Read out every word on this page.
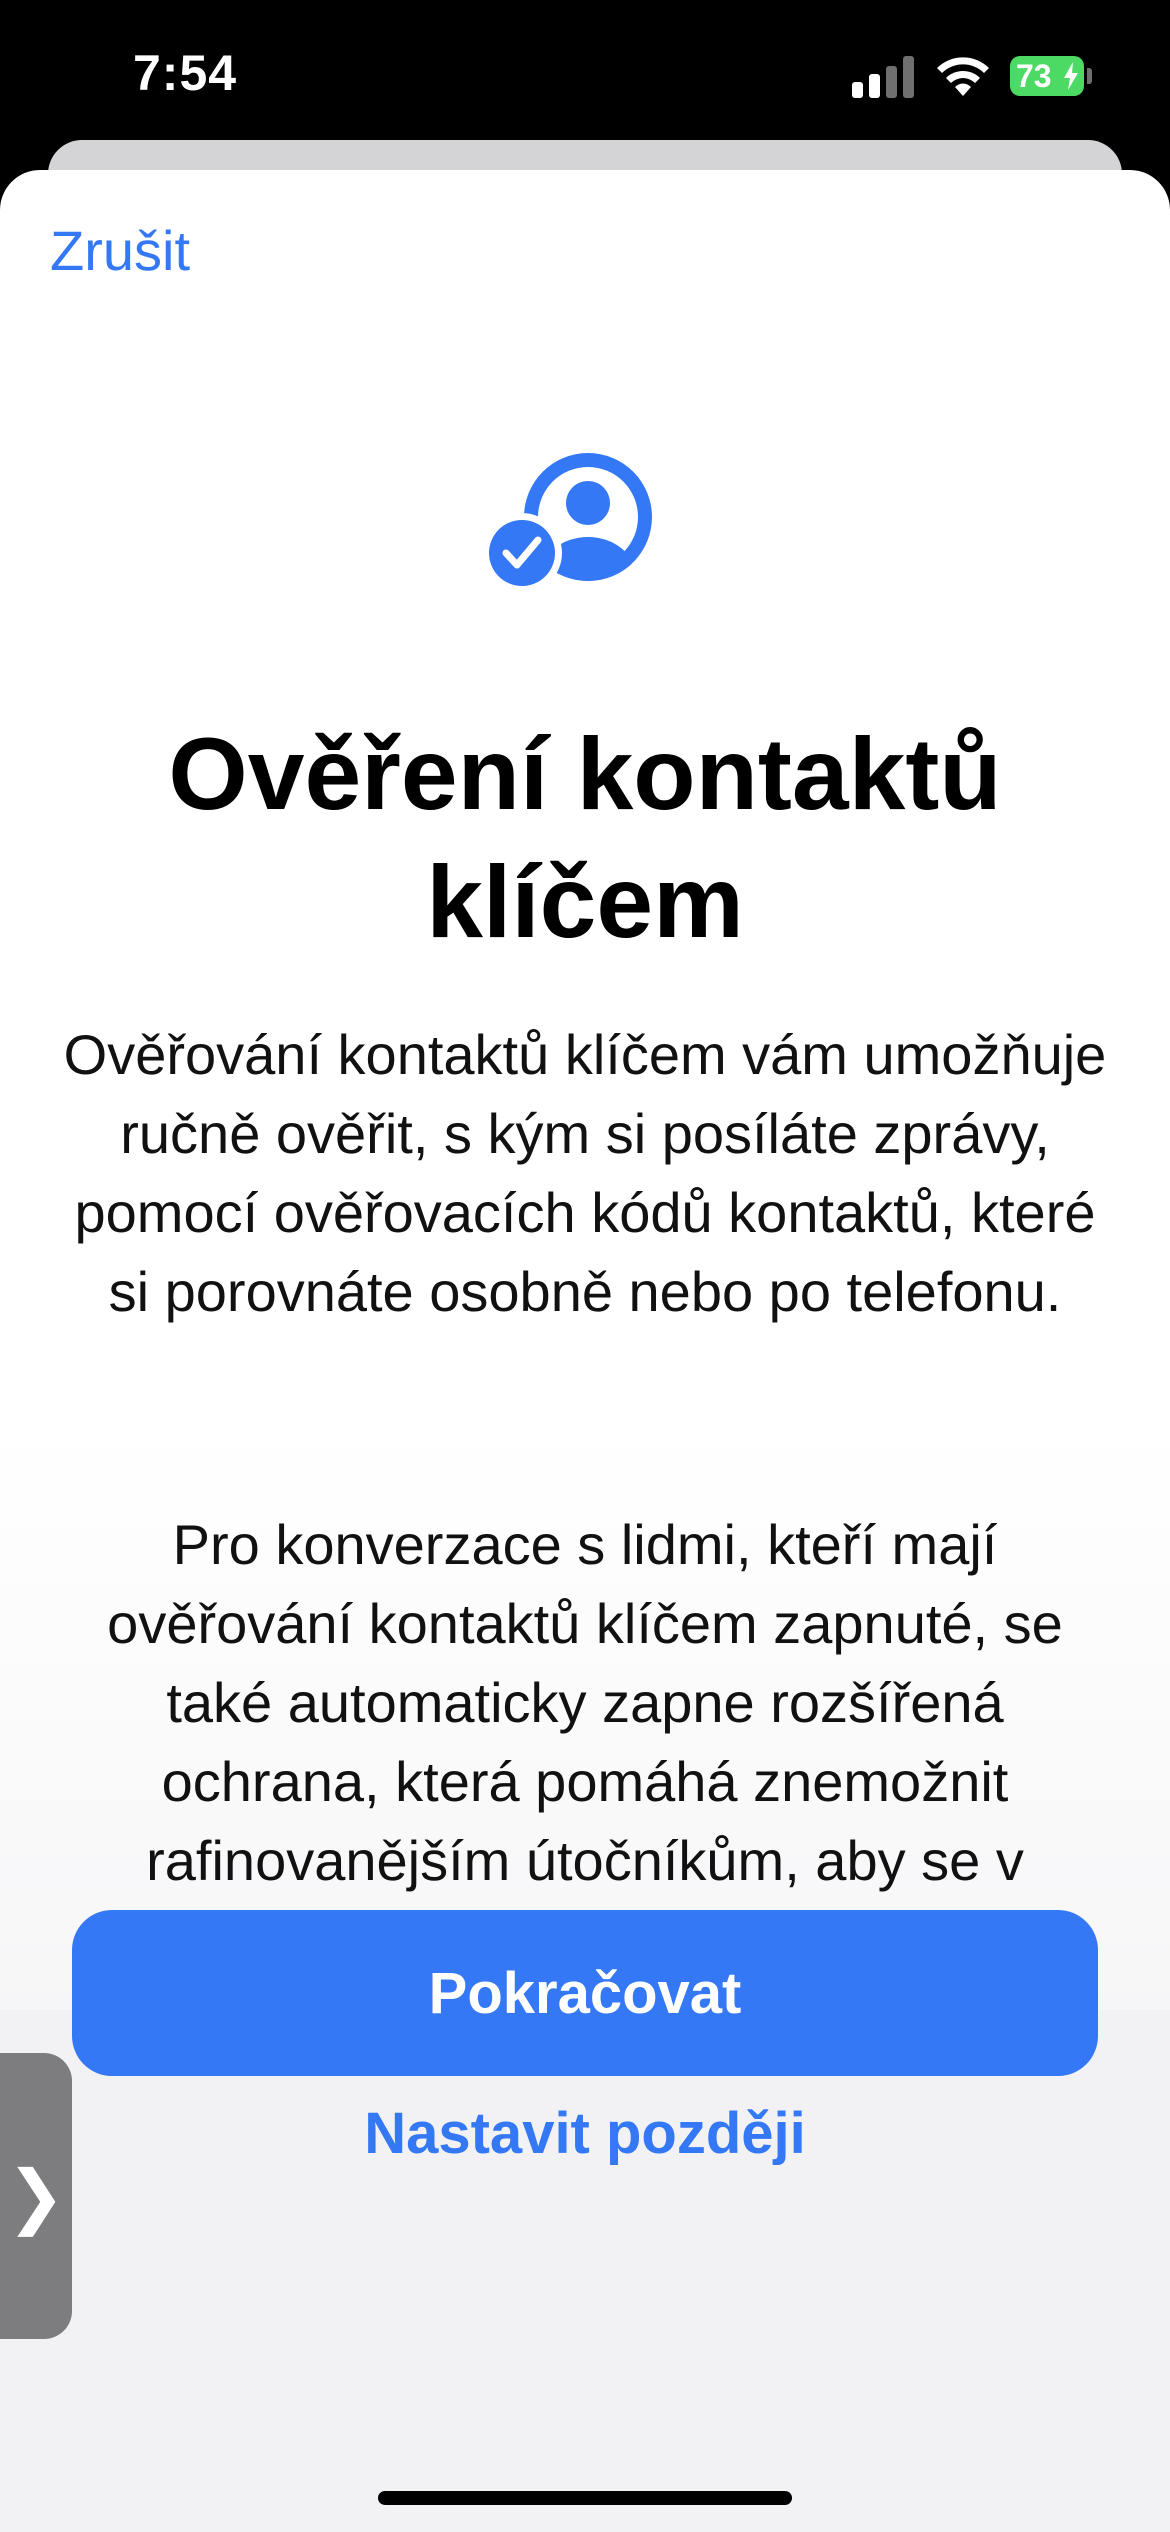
7:54	73
Zrušit
Ověření kontaktů klíčem
Ověřování kontaktů klíčem vám umožňuje ručně ověřit, s kým si posíláte zprávy, pomocí ověřovacích kódů kontaktů, které si porovnáte osobně nebo po telefonu.
Pro konverzace s lidmi, kteří mají ověřování kontaktů klíčem zapnuté, se také automaticky zapne rozšířená ochrana, která pomáhá znemožnit rafinovanějším útočníkům, aby se v
Pokračovat
Nastavit později
❯
